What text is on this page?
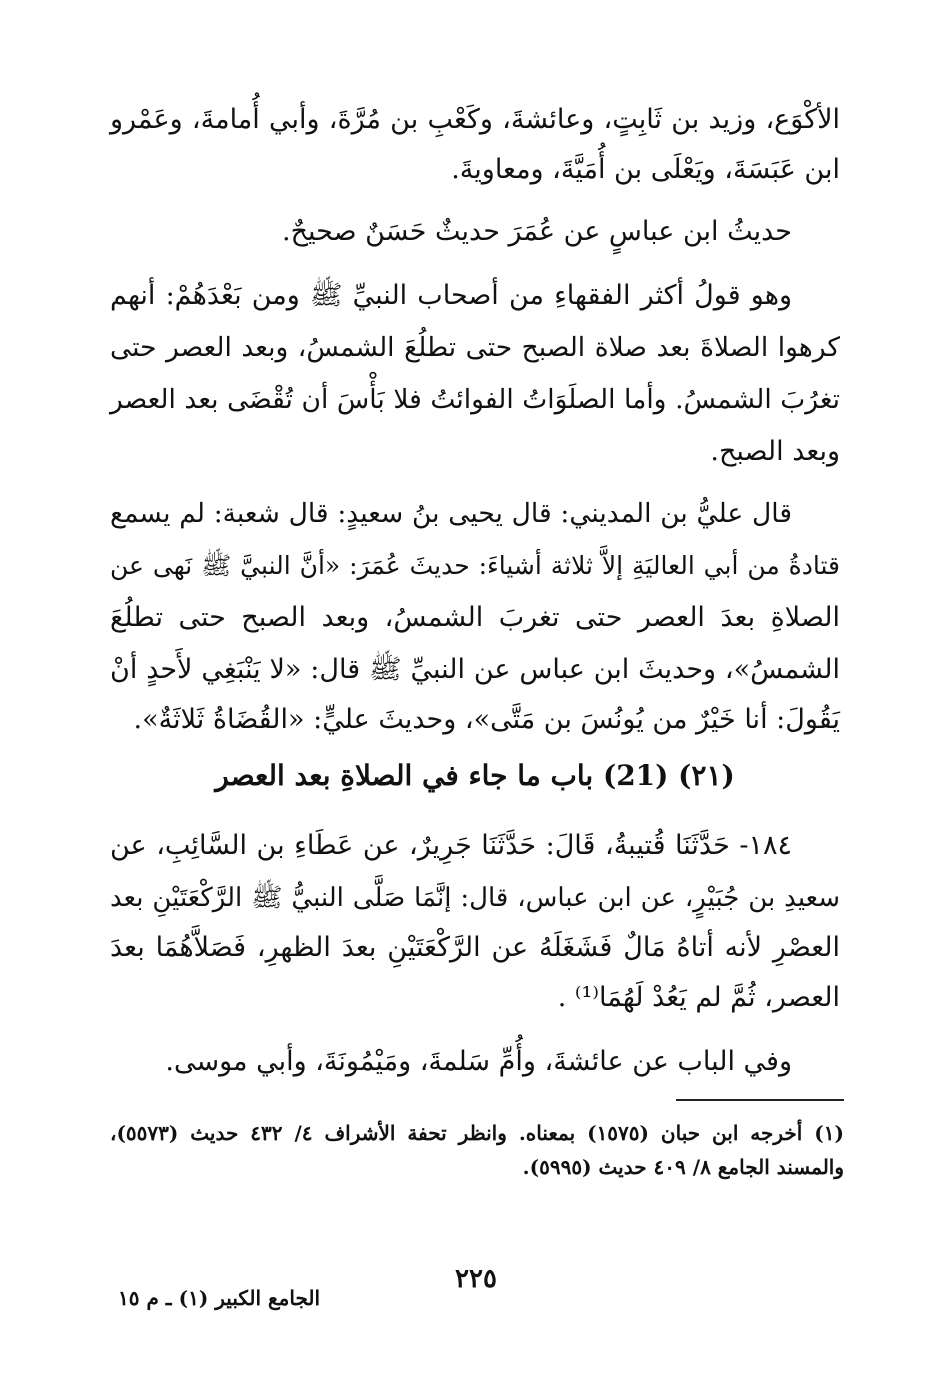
الأكْوَع، وزيد بن ثَابِتٍ، وعائشةَ، وكَعْبِ بن مُرَّةَ، وأبي أُمامةَ، وعَمْرو
ابن عَبَسَةَ، ويَعْلَى بن أُمَيَّةَ، ومعاويةَ.
حديثُ ابن عباسٍ عن عُمَرَ حديثٌ حَسَنٌ صحيحٌ.
وهو قولُ أكثر الفقهاءِ من أصحاب النبيِّ ﷺ ومن بَعْدَهُمْ: أنهم
كرهوا الصلاةَ بعد صلاة الصبح حتى تطلُعَ الشمسُ، وبعد العصر حتى
تغرُبَ الشمسُ. وأما الصلَوَاتُ الفوائتُ فلا بَأْسَ أن تُقْضَى بعد العصر
وبعد الصبح.
قال عليُّ بن المديني: قال يحيى بنُ سعيدٍ: قال شعبة: لم يسمع
قتادةُ من أبي العاليَةِ إلاَّ ثلاثة أشياءَ: حديثَ عُمَرَ: «أنَّ النبيَّ ﷺ نَهى عن
الصلاةِ بعدَ العصر حتى تغربَ الشمسُ، وبعد الصبح حتى تطلُعَ
الشمسُ»، وحديثَ ابن عباس عن النبيِّ ﷺ قال: «لا يَنْبَغِي لأَحدٍ أنْ
يَقُولَ: أنا خَيْرٌ من يُونُسَ بن مَتَّى»، وحديثَ عليٍّ: «القُضَاةُ ثَلاثَةٌ».
(٢١) (21) باب ما جاء في الصلاةِ بعد العصر
١٨٤- حَدَّثَنَا قُتيبةُ، قَالَ: حَدَّثَنَا جَرِيرٌ، عن عَطَاءِ بن السَّائِبِ، عن
سعيدِ بن جُبَيْرٍ، عن ابن عباس، قال: إنَّمَا صَلَّى النبيُّ ﷺ الرَّكْعَتَيْنِ بعد
العصْرِ لأنه أتاهُ مَالٌ فَشَغَلَهُ عن الرَّكْعَتَيْنِ بعدَ الظهرِ، فَصَلاَّهُمَا بعدَ
العصر، ثُمَّ لم يَعُدْ لَهُمَا⁽¹⁾ .
وفي الباب عن عائشةَ، وأُمِّ سَلمةَ، ومَيْمُونَةَ، وأبي موسى.
(١) أخرجه ابن حبان (١٥٧٥) بمعناه. وانظر تحفة الأشراف ٤/ ٤٣٢ حديث (٥٥٧٣)،
والمسند الجامع ٨/ ٤٠٩ حديث (٥٩٩٥).
٢٢٥
الجامع الكبير (١) ـ م ١٥
